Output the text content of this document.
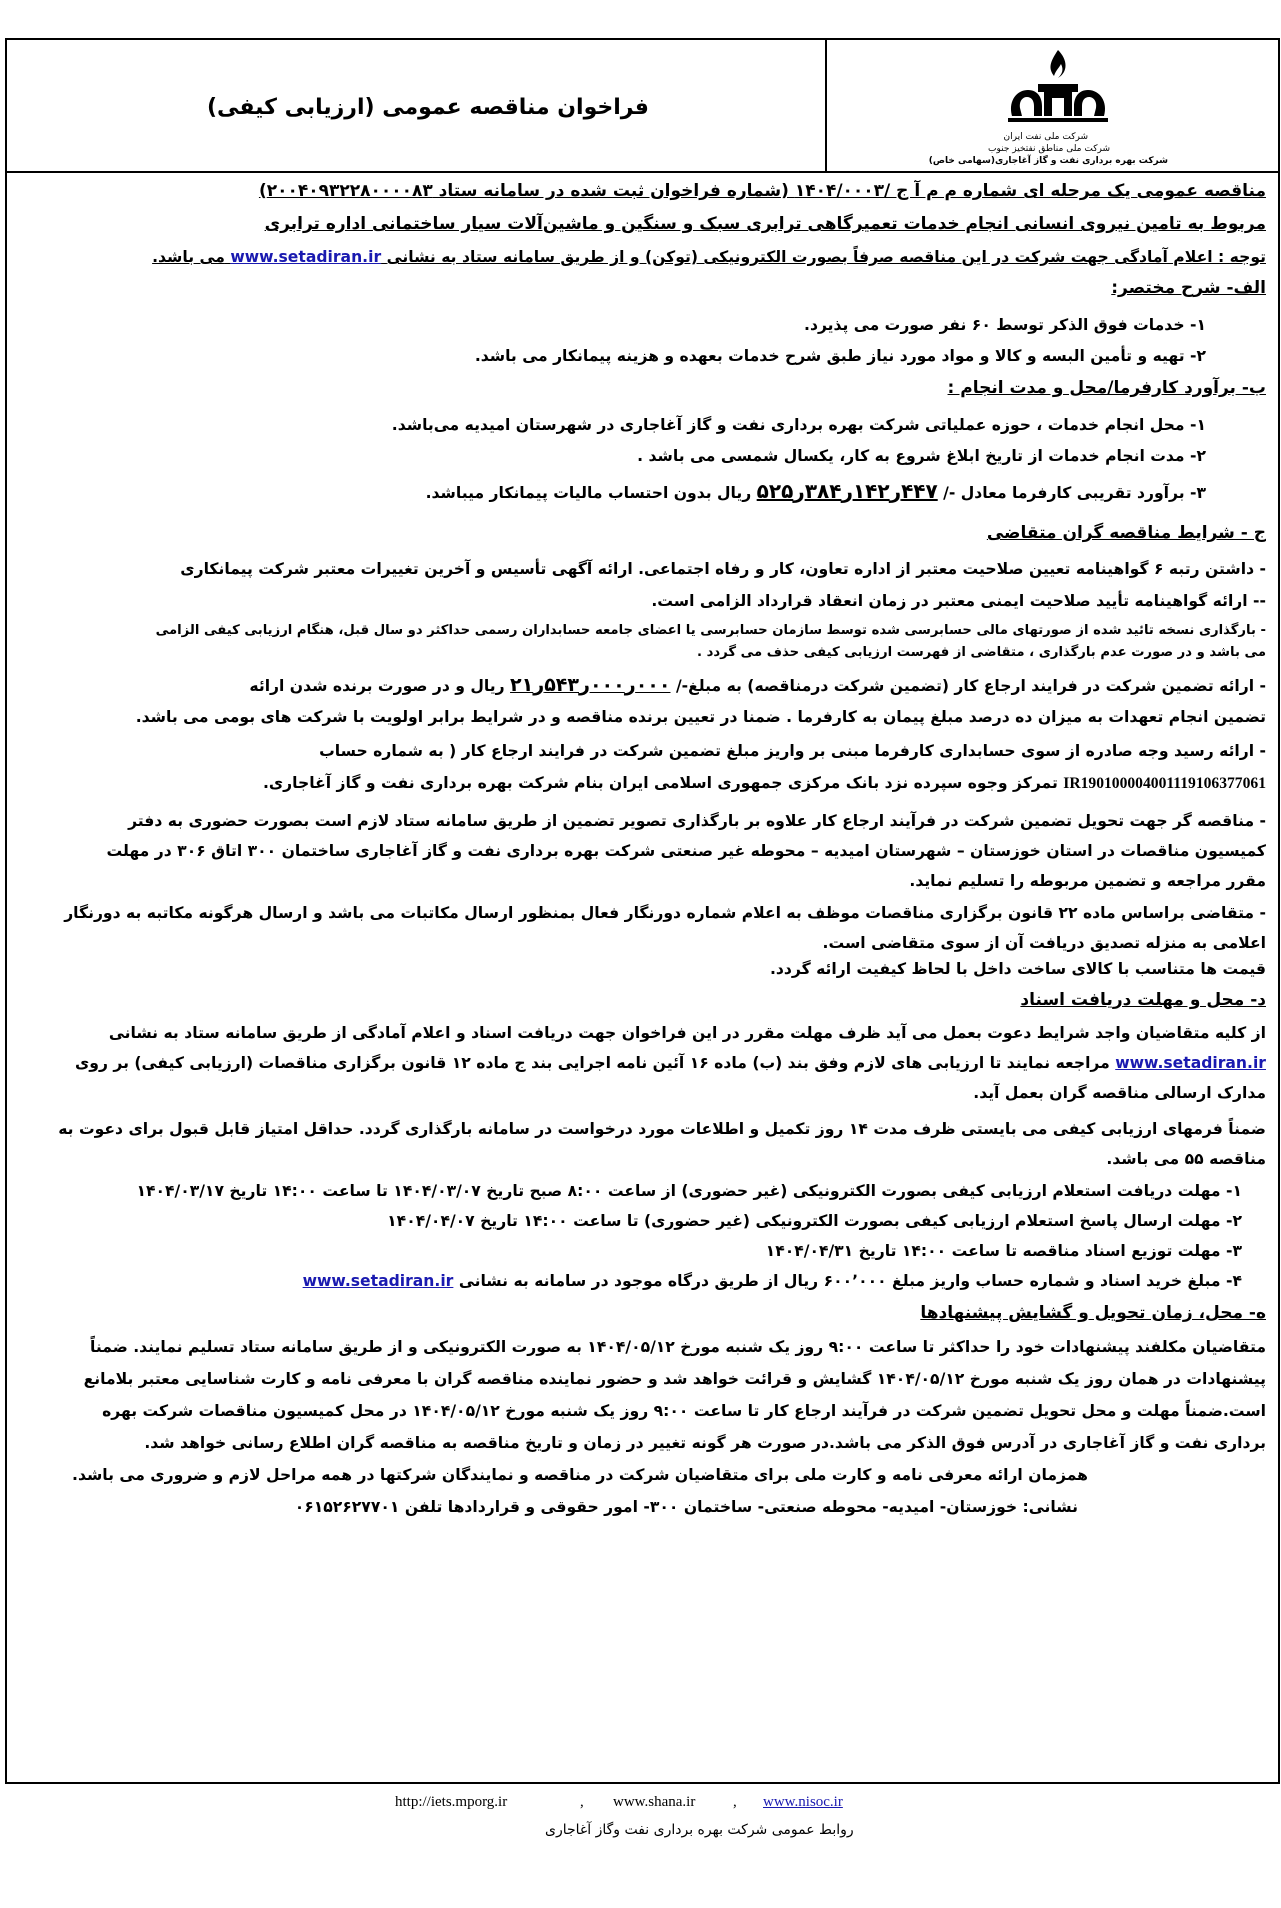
شرکت ملی نفت ایران
شرکت ملی مناطق نفتخیز جنوب
شرکت بهره برداری نفت و گاز آغاجاری(سهامی خاص)
فراخوان مناقصه عمومی (ارزیابی کیفی)
مناقصه عمومی یک مرحله ای شماره م م آ ج /۱۴۰۴/۰۰۰۳ (شماره فراخوان ثبت شده در سامانه ستاد ۲۰۰۴۰۹۳۲۲۸۰۰۰۰۸۳)
مربوط به تامین نیروی انسانی انجام خدمات تعمیرگاهی ترابری سبک و سنگین و ماشین‌آلات سیار ساختمانی اداره ترابری
توجه : اعلام آمادگی جهت شرکت در این مناقصه صرفاً بصورت الکترونیکی (توکن) و از طریق سامانه ستاد به نشانی www.setadiran.ir می باشد.
الف- شرح مختصر:
۱- خدمات فوق الذکر توسط ۶۰ نفر صورت می پذیرد.
۲- تهیه و تأمین البسه و کالا و مواد مورد نیاز طبق شرح خدمات بعهده و هزینه پیمانکار می باشد.
ب- برآورد کارفرما/محل و مدت انجام :
۱- محل انجام خدمات ، حوزه عملیاتی شرکت بهره برداری نفت و گاز آغاجاری در شهرستان امیدیه می‌باشد.
۲- مدت انجام خدمات از تاریخ ابلاغ شروع به کار، یکسال شمسی می باشد .
۳- برآورد تقریبی کارفرما معادل -/ ۴۴۷ر۱۴۲ر۳۸۴ر۵۲۵ ریال بدون احتساب مالیات پیمانکار میباشد.
ج - شرایط مناقصه گران متقاضی
- داشتن رتبه ۶ گواهینامه تعیین صلاحیت معتبر از اداره تعاون، کار و رفاه اجتماعی. ارائه آگهی تأسیس و آخرین تغییرات معتبر شرکت پیمانکاری
-- ارائه گواهینامه تأیید صلاحیت ایمنی معتبر در زمان انعقاد قرارداد الزامی است.
- بارگذاری نسخه تائید شده از صورتهای مالی حسابرسی شده توسط سازمان حسابرسی یا اعضای جامعه حسابداران رسمی حداکثر دو سال قبل، هنگام ارزیابی کیفی الزامی
می باشد و در صورت عدم بارگذاری ، متقاضی از فهرست ارزیابی کیفی حذف می گردد .
- ارائه تضمین شرکت در فرایند ارجاع کار (تضمین شرکت درمناقصه) به مبلغ-/ ۰۰۰ر۰۰۰ر۵۴۳ر۲۱ ریال و در صورت برنده شدن ارائه
تضمین انجام تعهدات به میزان ده درصد مبلغ پیمان به کارفرما . ضمنا در تعیین برنده مناقصه و در شرایط برابر اولویت با شرکت های بومی می باشد.
- ارائه رسید وجه صادره از سوی حسابداری کارفرما مبنی بر واریز مبلغ تضمین شرکت در فرایند ارجاع کار ( به شماره حساب
IR190100004001119106377061 تمرکز وجوه سپرده نزد بانک مرکزی جمهوری اسلامی ایران بنام شرکت بهره برداری نفت و گاز آغاجاری.
- مناقصه گر جهت تحویل تضمین شرکت در فرآیند ارجاع کار علاوه بر بارگذاری تصویر تضمین از طریق سامانه ستاد لازم است بصورت حضوری به دفتر
کمیسیون مناقصات در استان خوزستان – شهرستان امیدیه – محوطه غیر صنعتی شرکت بهره برداری نفت و گاز آغاجاری ساختمان ۳۰۰ اتاق ۳۰۶ در مهلت
مقرر مراجعه و تضمین مربوطه را تسلیم نماید.
- متقاضی براساس ماده ۲۲ قانون برگزاری مناقصات موظف به اعلام شماره دورنگار فعال بمنظور ارسال مکاتبات می باشد و ارسال هرگونه مکاتبه به دورنگار
اعلامی به منزله تصدیق دریافت آن از سوی متقاضی است.
قیمت ها متناسب با کالای ساخت داخل با لحاظ کیفیت ارائه گردد.
د- محل و مهلت دریافت اسناد
از کلیه متقاضیان واجد شرایط دعوت بعمل می آید ظرف مهلت مقرر در این فراخوان جهت دریافت اسناد و اعلام آمادگی از طریق سامانه ستاد به نشانی
www.setadiran.ir مراجعه نمایند تا ارزیابی های لازم وفق بند (ب) ماده ۱۶ آئین نامه اجرایی بند ج ماده ۱۲ قانون برگزاری مناقصات (ارزیابی کیفی) بر روی
مدارک ارسالی مناقصه گران بعمل آید.
ضمناً فرمهای ارزیابی کیفی می بایستی ظرف مدت ۱۴ روز تکمیل و اطلاعات مورد درخواست در سامانه بارگذاری گردد. حداقل امتیاز قابل قبول برای دعوت به
مناقصه ۵۵ می باشد.
۱- مهلت دریافت استعلام ارزیابی کیفی بصورت الکترونیکی (غیر حضوری) از ساعت ۸:۰۰ صبح تاریخ ۱۴۰۴/۰۳/۰۷ تا ساعت ۱۴:۰۰ تاریخ ۱۴۰۴/۰۳/۱۷
۲- مهلت ارسال پاسخ استعلام ارزیابی کیفی بصورت الکترونیکی (غیر حضوری) تا ساعت ۱۴:۰۰ تاریخ ۱۴۰۴/۰۴/۰۷
۳- مهلت توزیع اسناد مناقصه تا ساعت ۱۴:۰۰ تاریخ ۱۴۰۴/۰۴/۳۱
۴- مبلغ خرید اسناد و شماره حساب واریز مبلغ ۶۰۰٬۰۰۰ ریال از طریق درگاه موجود در سامانه به نشانی www.setadiran.ir
ه- محل، زمان تحویل و گشایش پیشنهادها
متقاضیان مکلفند پیشنهادات خود را حداکثر تا ساعت ۹:۰۰ روز یک شنبه مورخ ۱۴۰۴/۰۵/۱۲ به صورت الکترونیکی و از طریق سامانه ستاد تسلیم نمایند. ضمناً
پیشنهادات در همان روز یک شنبه مورخ ۱۴۰۴/۰۵/۱۲ گشایش و قرائت خواهد شد و حضور نماینده مناقصه گران با معرفی نامه و کارت شناسایی معتبر بلامانع
است.ضمناً مهلت و محل تحویل تضمین شرکت در فرآیند ارجاع کار تا ساعت ۹:۰۰ روز یک شنبه مورخ ۱۴۰۴/۰۵/۱۲ در محل کمیسیون مناقصات شرکت بهره
برداری نفت و گاز آغاجاری در آدرس فوق الذکر می باشد.در صورت هر گونه تغییر در زمان و تاریخ مناقصه به مناقصه گران اطلاع رسانی خواهد شد.
همزمان ارائه معرفی نامه و کارت ملی برای متقاضیان شرکت در مناقصه و نمایندگان شرکتها در همه مراحل لازم و ضروری می باشد.
نشانی: خوزستان- امیدیه- محوطه صنعتی- ساختمان ۳۰۰- امور حقوقی و قراردادها تلفن ۰۶۱۵۲۶۲۷۷۰۱
http://iets.mporg.ir	, www.shana.ir	, www.nisoc.ir
روابط عمومی شرکت بهره برداری نفت وگاز آغاجاری
